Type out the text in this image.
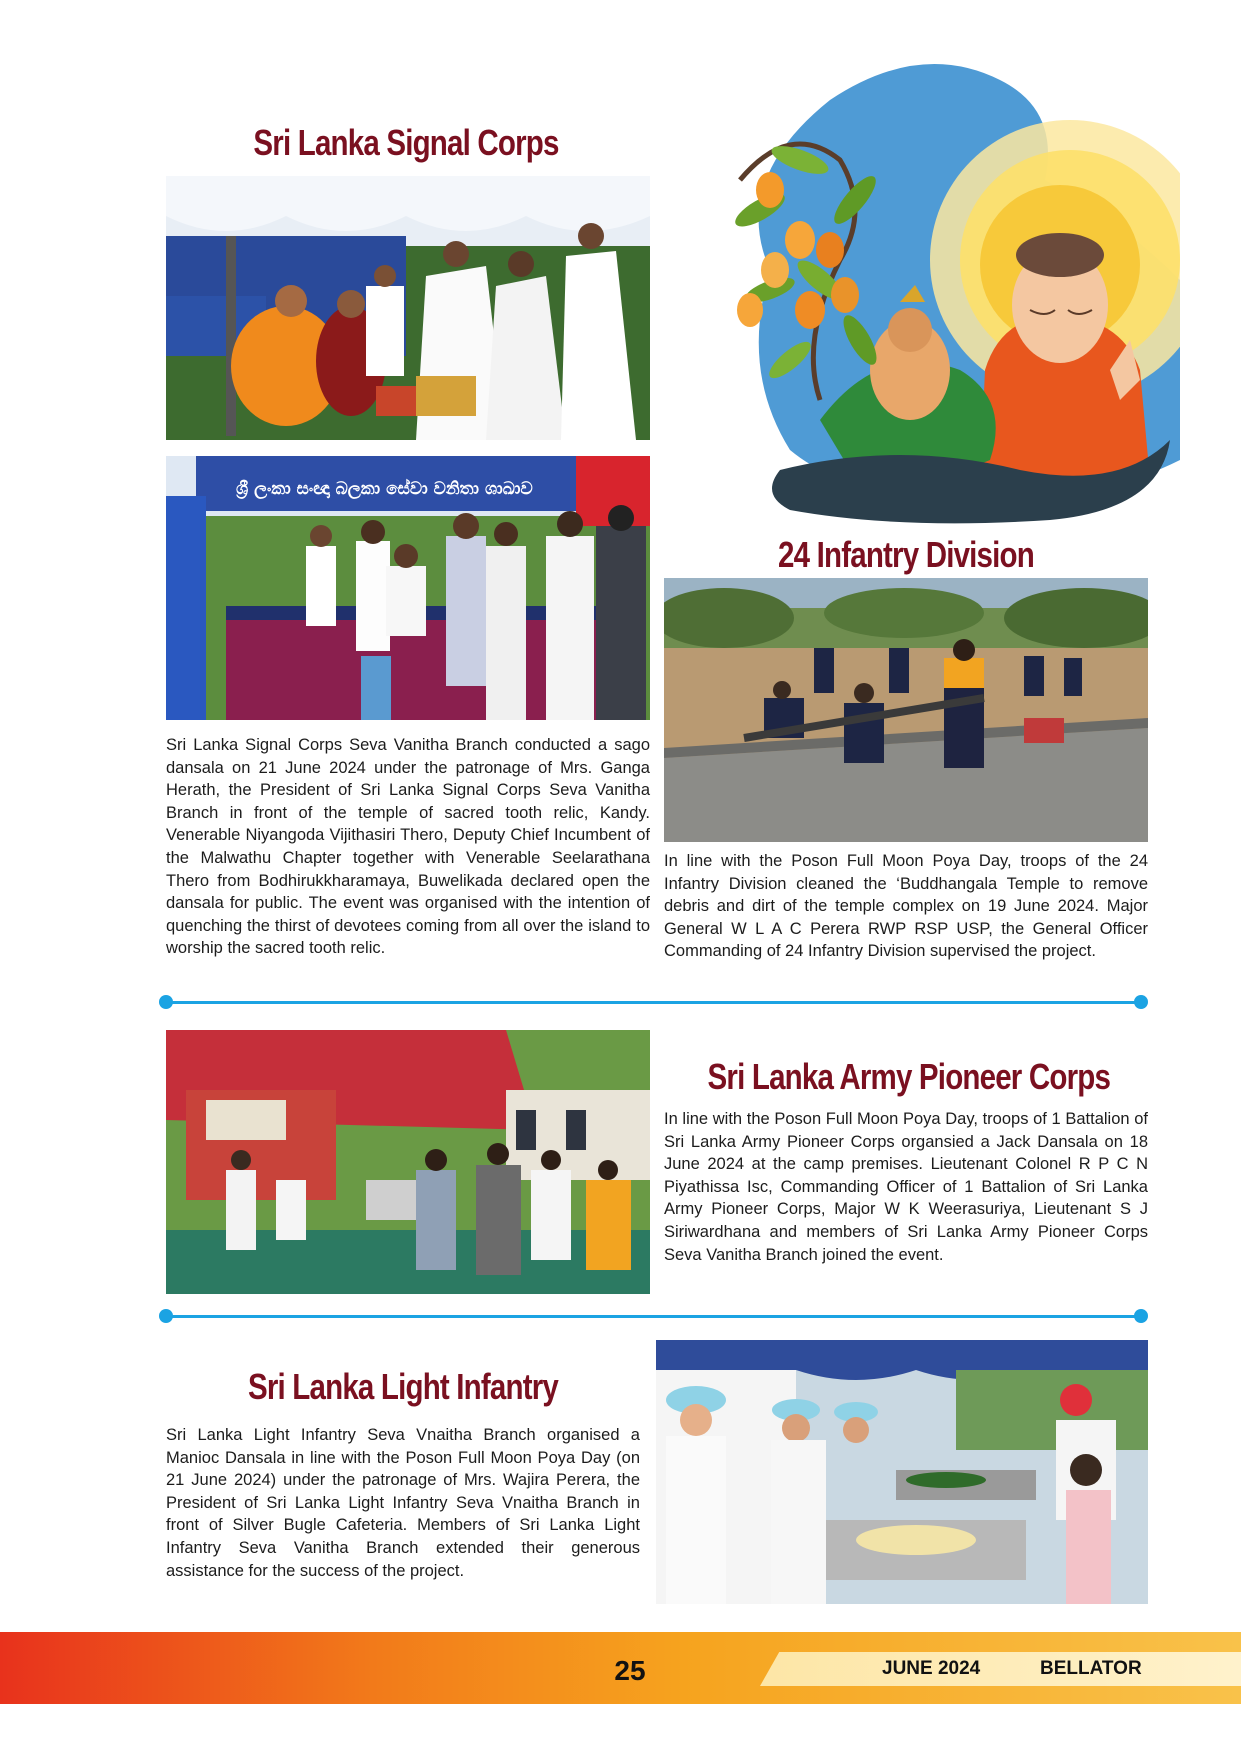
Sri Lanka Signal Corps
ශ්‍රී ලංකා සංඥා බලකා සේවා වනිතා ශාඛාව
Sri Lanka Signal Corps Seva Vanitha Branch conducted a sago dansala on 21 June 2024 under the patronage of Mrs. Ganga Herath, the President of Sri Lanka Signal Corps Seva Vanitha Branch in front of the temple of sacred tooth relic, Kandy. Venerable Niyangoda Vijithasiri Thero, Deputy Chief Incumbent of the Malwathu Chapter together with Venerable Seelarathana Thero from Bodhirukkharamaya, Buwelikada declared open the dansala for public. The event was organised with the intention of quenching the thirst of devotees coming from all over the island to worship the sacred tooth relic.
24 Infantry Division
In line with the Poson Full Moon Poya Day, troops of the 24 Infantry Division cleaned the ‘Buddhangala Temple to remove debris and dirt of the temple complex on 19 June 2024. Major General W L A C Perera RWP RSP USP, the General Officer Commanding of 24 Infantry Division supervised the project.
Sri Lanka Army Pioneer Corps
In line with the Poson Full Moon Poya Day, troops of 1 Battalion of Sri Lanka Army Pioneer Corps organsied a Jack Dansala on 18 June 2024 at the camp premises. Lieutenant Colonel R P C N Piyathissa Isc, Commanding Officer of 1 Battalion of Sri Lanka Army Pioneer Corps, Major W K Weerasuriya, Lieutenant S J Siriwardhana and members of Sri Lanka Army Pioneer Corps Seva Vanitha Branch joined the event.
Sri Lanka Light Infantry
Sri Lanka Light Infantry Seva Vnaitha Branch organised a Manioc Dansala in line with the Poson Full Moon Poya Day (on 21 June 2024) under the patronage of Mrs. Wajira Perera, the President of Sri Lanka Light Infantry Seva Vnaitha Branch in front of Silver Bugle Cafeteria. Members of Sri Lanka Light Infantry Seva Vanitha Branch extended their generous assistance for the success of the project.
25	JUNE 2024	BELLATOR
